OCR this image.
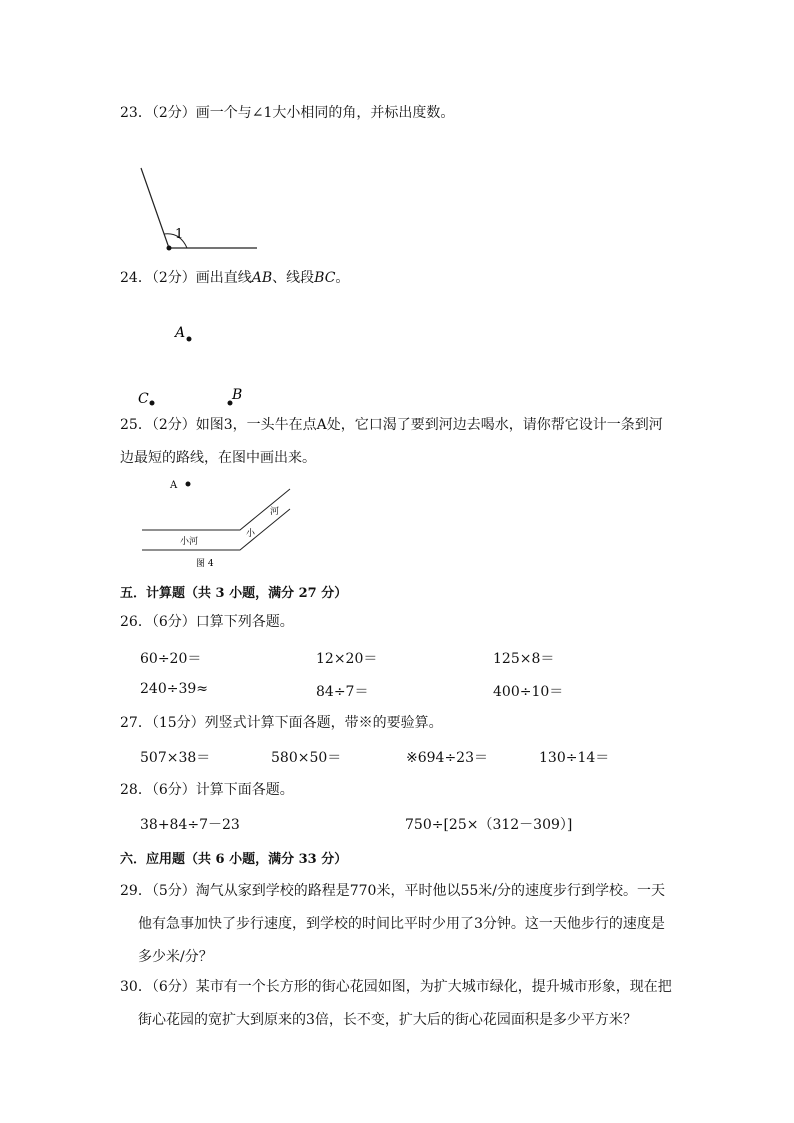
23．（2分）画一个与∠1大小相同的角，并标出度数。
1
24．（2分）画出直线AB、线段BC。
A
B
C
25．（2分）如图3，一头牛在点A处，它口渴了要到河边去喝水，请你帮它设计一条到河
边最短的路线，在图中画出来。
A
小河
小
河
图 4
五．计算题（共 3 小题，满分 27 分）
26．（6分）口算下列各题。
60÷20＝	12×20＝	125×8＝
240÷39≈	84÷7＝	400÷10＝
27．（15分）列竖式计算下面各题，带※的要验算。
507×38＝	580×50＝	※694÷23＝	130÷14＝
28．（6分）计算下面各题。
38+84÷7－23	750÷[25×（312－309）]
六．应用题（共 6 小题，满分 33 分）
29．（5分）淘气从家到学校的路程是770米，平时他以55米/分的速度步行到学校。一天

他有急事加快了步行速度，到学校的时间比平时少用了3分钟。这一天他步行的速度是
多少米/分？
30．（6分）某市有一个长方形的街心花园如图，为扩大城市绿化，提升城市形象，现在把

街心花园的宽扩大到原来的3倍，长不变，扩大后的街心花园面积是多少平方米？
